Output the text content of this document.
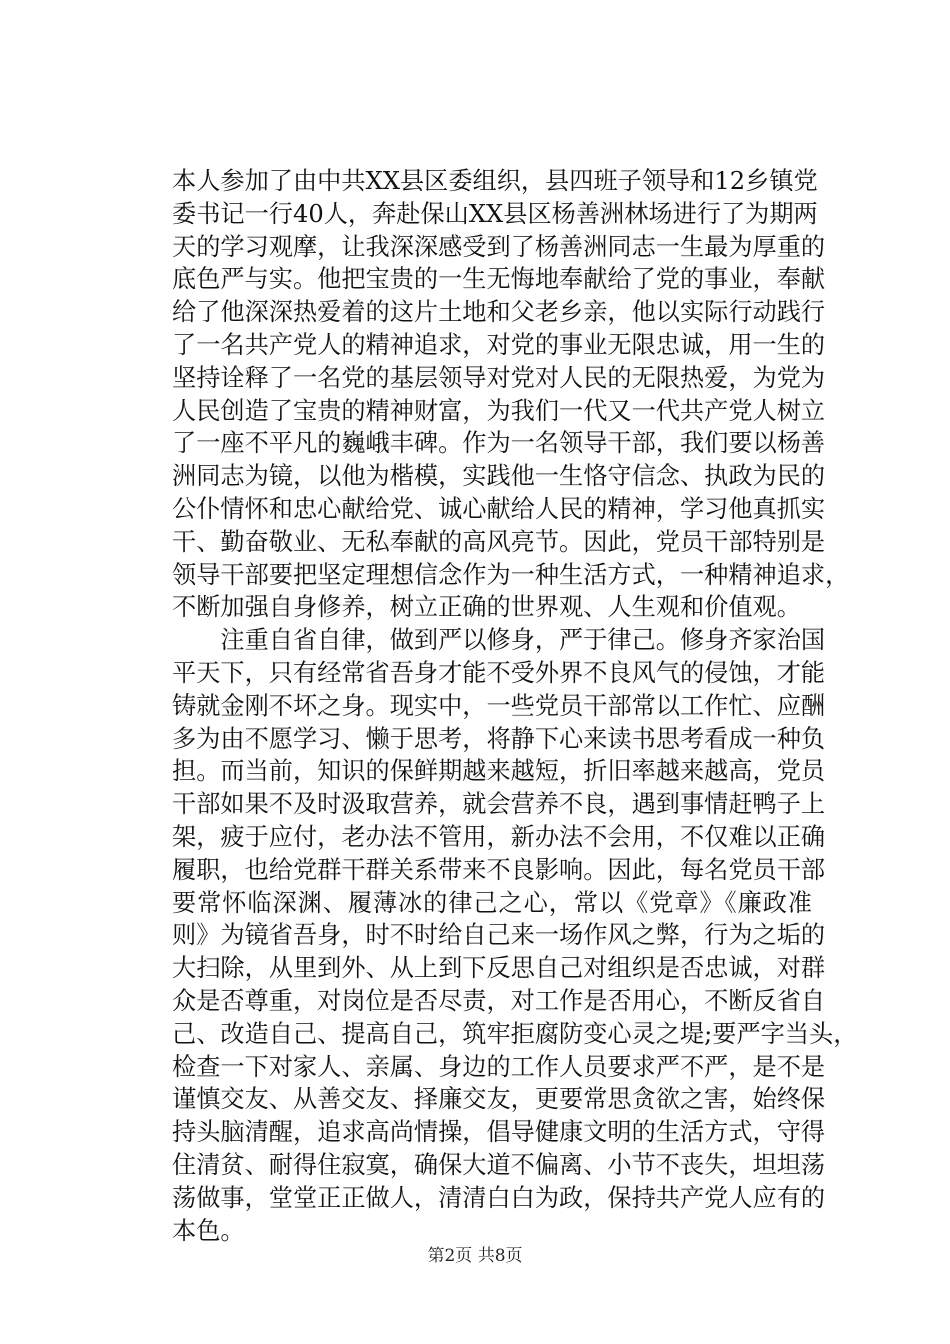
本人参加了由中共XX县区委组织，县四班子领导和12乡镇党
委书记一行40人，奔赴保山XX县区杨善洲林场进行了为期两
天的学习观摩，让我深深感受到了杨善洲同志一生最为厚重的
底色严与实。他把宝贵的一生无悔地奉献给了党的事业，奉献
给了他深深热爱着的这片土地和父老乡亲，他以实际行动践行
了一名共产党人的精神追求，对党的事业无限忠诚，用一生的
坚持诠释了一名党的基层领导对党对人民的无限热爱，为党为
人民创造了宝贵的精神财富，为我们一代又一代共产党人树立
了一座不平凡的巍峨丰碑。作为一名领导干部，我们要以杨善
洲同志为镜，以他为楷模，实践他一生恪守信念、执政为民的
公仆情怀和忠心献给党、诚心献给人民的精神，学习他真抓实
干、勤奋敬业、无私奉献的高风亮节。因此，党员干部特别是
领导干部要把坚定理想信念作为一种生活方式，一种精神追求，
不断加强自身修养，树立正确的世界观、人生观和价值观。
　　注重自省自律，做到严以修身，严于律己。修身齐家治国
平天下，只有经常省吾身才能不受外界不良风气的侵蚀，才能
铸就金刚不坏之身。现实中，一些党员干部常以工作忙、应酬
多为由不愿学习、懒于思考，将静下心来读书思考看成一种负
担。而当前，知识的保鲜期越来越短，折旧率越来越高，党员
干部如果不及时汲取营养，就会营养不良，遇到事情赶鸭子上
架，疲于应付，老办法不管用，新办法不会用，不仅难以正确
履职，也给党群干群关系带来不良影响。因此，每名党员干部
要常怀临深渊、履薄冰的律己之心，常以《党章》《廉政准
则》为镜省吾身，时不时给自己来一场作风之弊，行为之垢的
大扫除，从里到外、从上到下反思自己对组织是否忠诚，对群
众是否尊重，对岗位是否尽责，对工作是否用心，不断反省自
己、改造自己、提高自己，筑牢拒腐防变心灵之堤;要严字当头，
检查一下对家人、亲属、身边的工作人员要求严不严，是不是
谨慎交友、从善交友、择廉交友，更要常思贪欲之害，始终保
持头脑清醒，追求高尚情操，倡导健康文明的生活方式，守得
住清贫、耐得住寂寞，确保大道不偏离、小节不丧失，坦坦荡
荡做事，堂堂正正做人，清清白白为政，保持共产党人应有的
本色。
第2页 共8页
